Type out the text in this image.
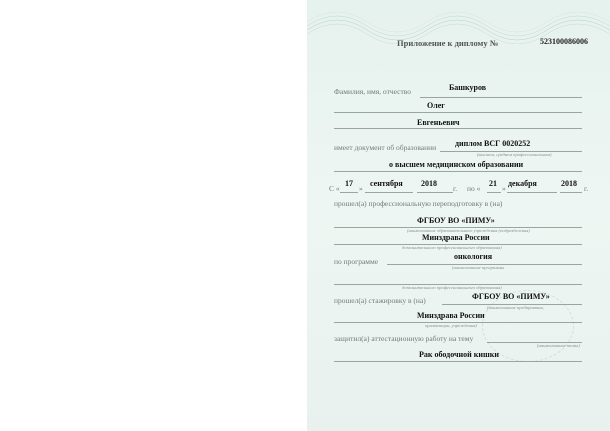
Приложение к диплому №	523100086006
Фамилия, имя, отчество	Башкуров
Олег
Евгеньевич
имеет документ об образовании диплом ВСГ 0020252
(высшем, среднем профессиональном)
о высшем медицинском образовании
С «
17
»
сентября 2018
г. по «
21
»
декабря	2018
г.
прошел(а) профессиональную переподготовку в (на)
ФГБОУ ВО «ПИМУ»
(наименование образовательного учреждения (подразделения)
Минздрава России
дополнительного профессионального образования)
по программе
онкология
(наименование программы
дополнительного профессионального образования)
прошел(а) стажировку в (на)	ФГБОУ ВО «ПИМУ»
(наименование предприятия,
Минздрава России
организации, учреждения)
защитил(а) аттестационную работу на тему
(наименование темы)
Рак ободочной кишки
